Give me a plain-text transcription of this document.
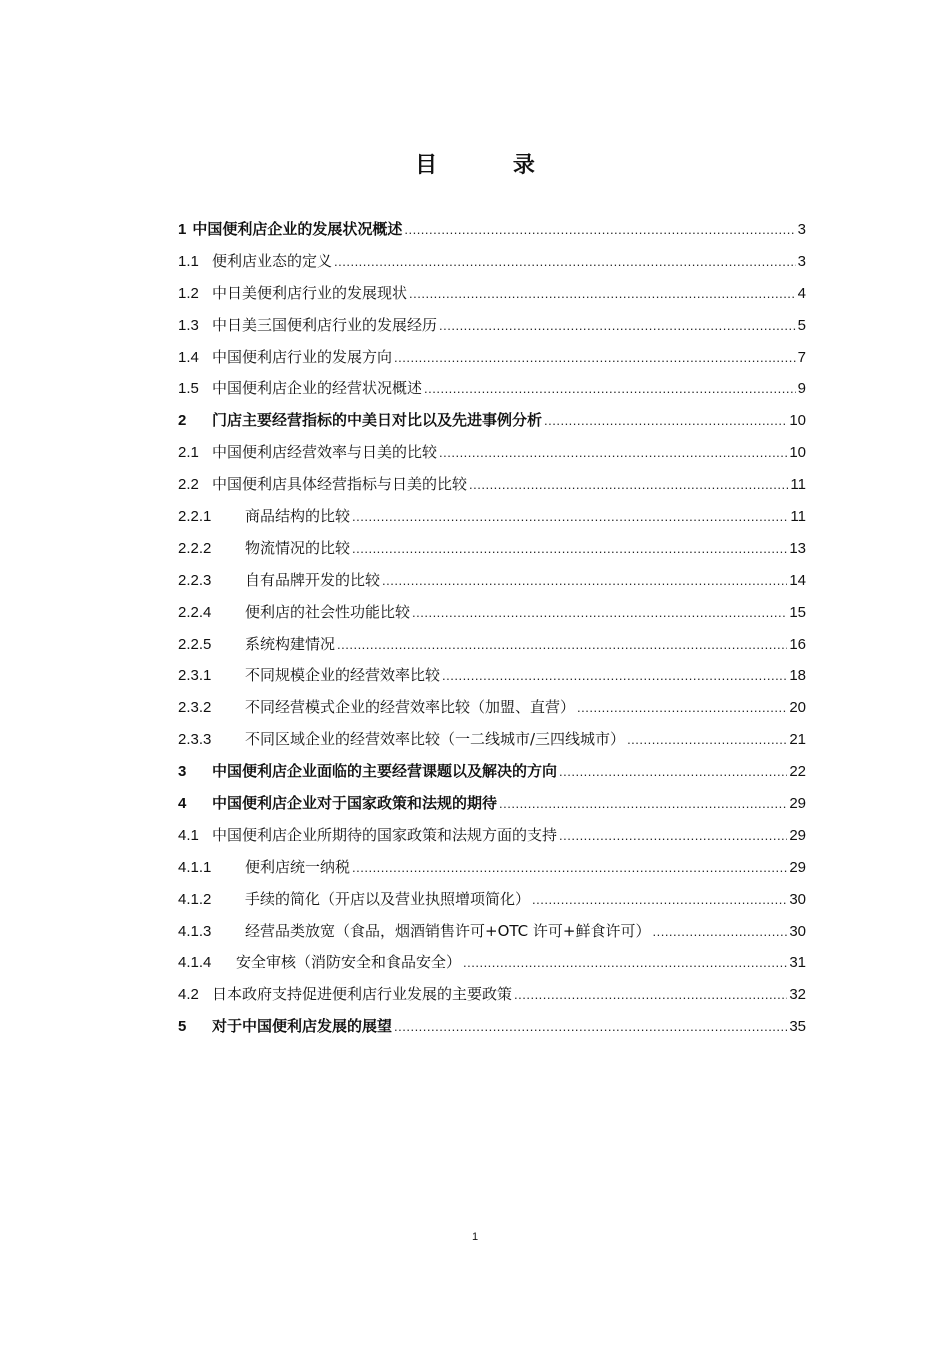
目 录
1 中国便利店企业的发展状况概述 .....	3
1.1 便利店业态的定义 .....	3
1.2 中日美便利店行业的发展现状 .....	4
1.3 中日美三国便利店行业的发展经历 .....	5
1.4 中国便利店行业的发展方向 .....	7
1.5 中国便利店企业的经营状况概述 .....	9
2	门店主要经营指标的中美日对比以及先进事例分析 .....	10
2.1 中国便利店经营效率与日美的比较 .....	10
2.2 中国便利店具体经营指标与日美的比较 .....	11
2.2.1	商品结构的比较 .....	11
2.2.2	物流情况的比较 .....	13
2.2.3	自有品牌开发的比较 .....	14
2.2.4	便利店的社会性功能比较 .....	15
2.2.5	系统构建情况 .....	16
2.3.1	不同规模企业的经营效率比较 .....	18
2.3.2	不同经营模式企业的经营效率比较（加盟、直营） .....	20
2.3.3	不同区域企业的经营效率比较（一二线城市/三四线城市） .....	21
3	中国便利店企业面临的主要经营课题以及解决的方向 .....	22
4	中国便利店企业对于国家政策和法规的期待 .....	29
4.1 中国便利店企业所期待的国家政策和法规方面的支持 .....	29
4.1.1	便利店统一纳税 .....	29
4.1.2	手续的简化（开店以及营业执照增项简化） .....	30
4.1.3	经营品类放宽（食品，烟酒销售许可+OTC 许可+鲜食许可） .....	30
4.1.4	安全审核（消防安全和食品安全） .....	31
4.2 日本政府支持促进便利店行业发展的主要政策 .....	32
5	对于中国便利店发展的展望 .....	35
1
